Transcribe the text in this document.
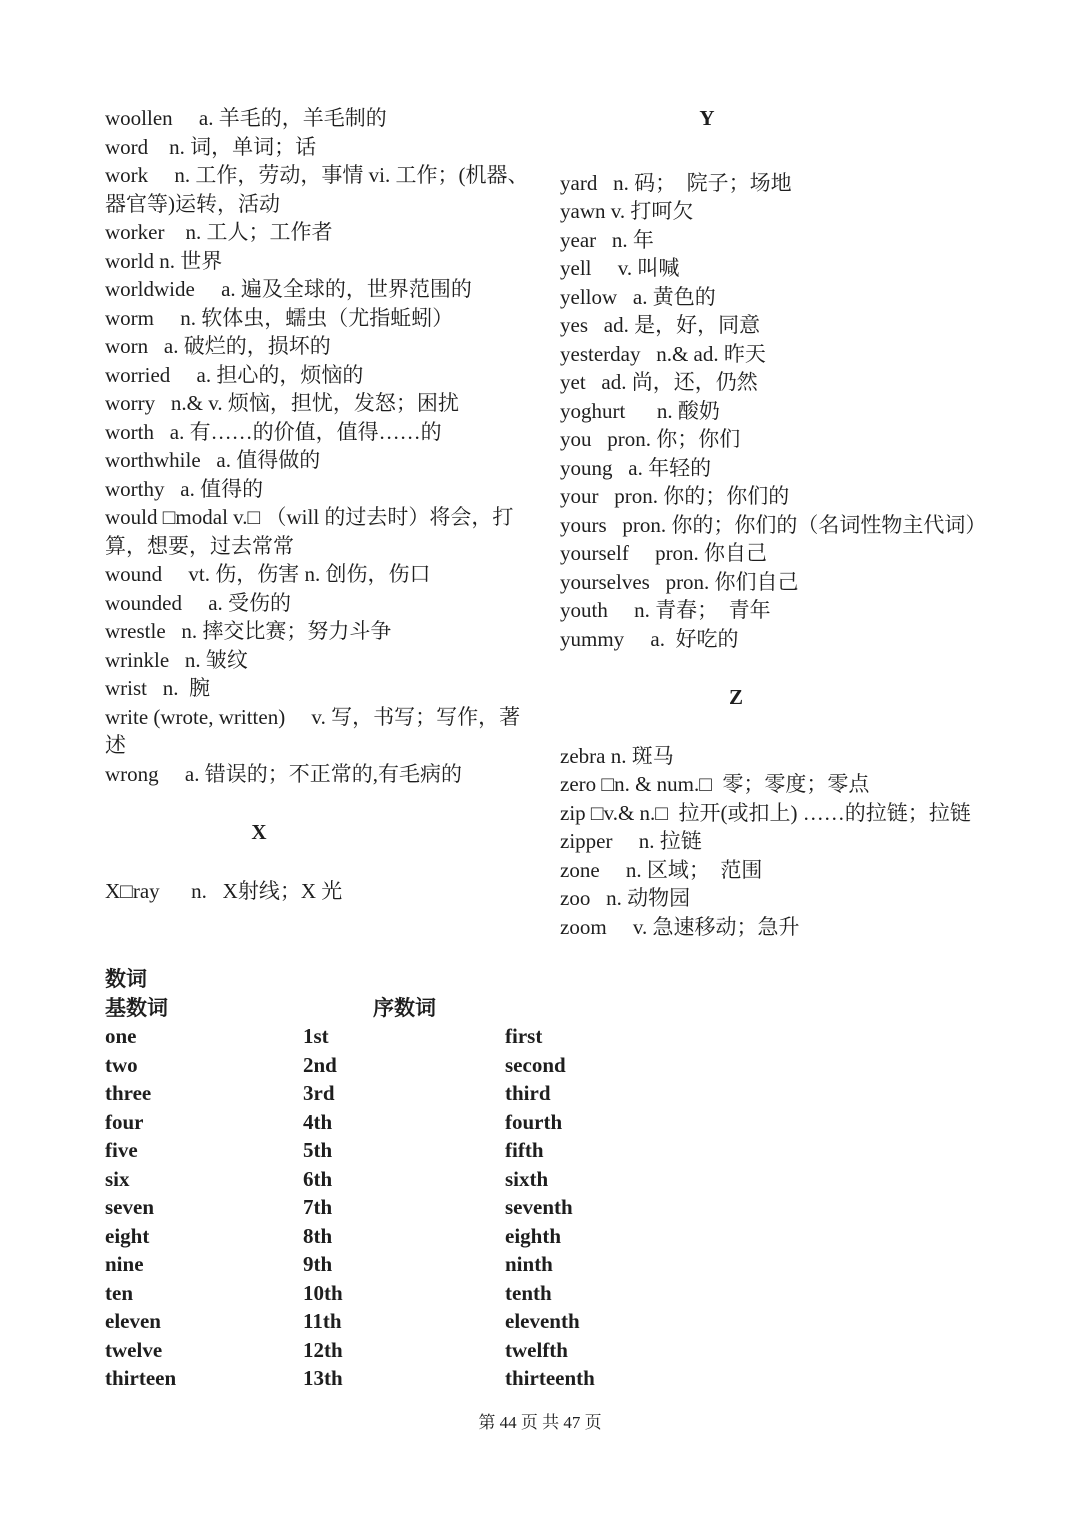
woollen     a. 羊毛的，羊毛制的

word    n. 词，单词；话

work     n. 工作，劳动，事情 vi. 工作；(机器、器官等)运转，活动

worker    n. 工人；工作者

world n. 世界

worldwide     a. 遍及全球的，世界范围的

worm     n. 软体虫，蠕虫（尤指蚯蚓）

worn   a. 破烂的，损坏的

worried     a. 担心的，烦恼的

worry   n.& v. 烦恼，担忧，发怒；困扰

worth   a. 有……的价值，值得……的

worthwhile   a. 值得做的

worthy   a. 值得的

would □modal v.□ （will 的过去时）将会，打算，想要，过去常常

wound     vt. 伤，伤害 n. 创伤，伤口

wounded     a. 受伤的

wrestle   n. 摔交比赛；努力斗争

wrinkle   n. 皱纹

wrist   n.  腕

write (wrote, written)     v. 写，书写；写作，著述

wrong     a. 错误的；不正常的,有毛病的

X

X□ray      n.   X射线；X 光

Y

yard   n. 码；  院子；场地

yawn v. 打呵欠

year   n. 年

yell     v. 叫喊

yellow   a. 黄色的

yes   ad. 是，好，同意

yesterday   n.& ad. 昨天

yet   ad. 尚，还，仍然

yoghurt      n. 酸奶

you   pron. 你；你们

young   a. 年轻的

your   pron. 你的；你们的

yours   pron. 你的；你们的（名词性物主代词）

yourself     pron. 你自己

yourselves   pron. 你们自己

youth     n. 青春；  青年

yummy     a.  好吃的

Z

zebra n. 斑马

zero □n. & num.□  零；零度；零点

zip □v.& n.□  拉开(或扣上) ……的拉链；拉链

zipper     n. 拉链

zone     n. 区域；  范围

zoo   n. 动物园

zoom     v. 急速移动；急升

数词
基数词	序数词
one	1st	first
two	2nd	second
three	3rd	third
four	4th	fourth
five	5th	fifth
six	6th	sixth
seven	7th	seventh
eight	8th	eighth
nine	9th	ninth
ten	10th	tenth
eleven	11th	eleventh
twelve	12th	twelfth
thirteen	13th	thirteenth
第 44 页 共 47 页
